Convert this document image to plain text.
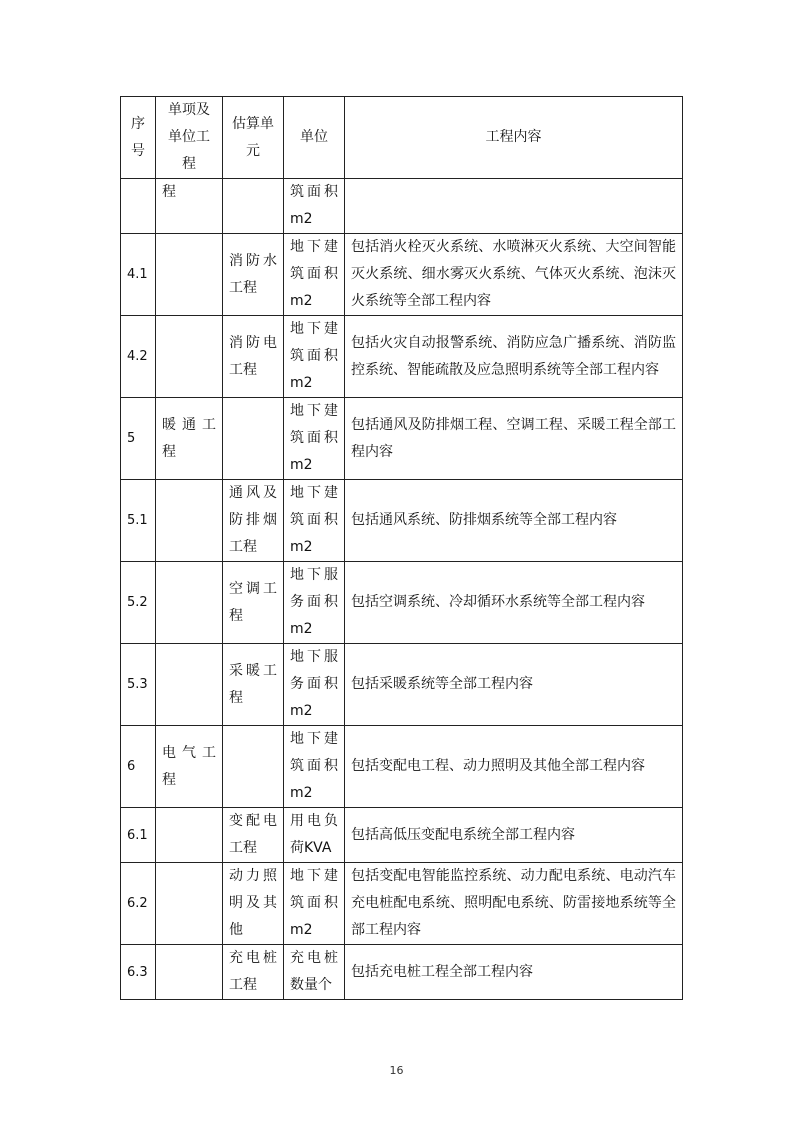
序号	单项及单位工程	估算单元	单位	工程内容
	程		筑面积m2	
4.1		消防水工程	地下建筑面积m2	包括消火栓灭火系统、水喷淋灭火系统、大空间智能灭火系统、细水雾灭火系统、气体灭火系统、泡沫灭火系统等全部工程内容
4.2		消防电工程	地下建筑面积m2	包括火灾自动报警系统、消防应急广播系统、消防监控系统、智能疏散及应急照明系统等全部工程内容
5	暖通工程		地下建筑面积m2	包括通风及防排烟工程、空调工程、采暖工程全部工程内容
5.1		通风及防排烟工程	地下建筑面积m2	包括通风系统、防排烟系统等全部工程内容
5.2		空调工程	地下服务面积m2	包括空调系统、冷却循环水系统等全部工程内容
5.3		采暖工程	地下服务面积m2	包括采暖系统等全部工程内容
6	电气工程		地下建筑面积m2	包括变配电工程、动力照明及其他全部工程内容
6.1		变配电工程	用电负荷KVA	包括高低压变配电系统全部工程内容
6.2		动力照明及其他	地下建筑面积m2	包括变配电智能监控系统、动力配电系统、电动汽车充电桩配电系统、照明配电系统、防雷接地系统等全部工程内容
6.3		充电桩工程	充电桩数量个	包括充电桩工程全部工程内容
16
